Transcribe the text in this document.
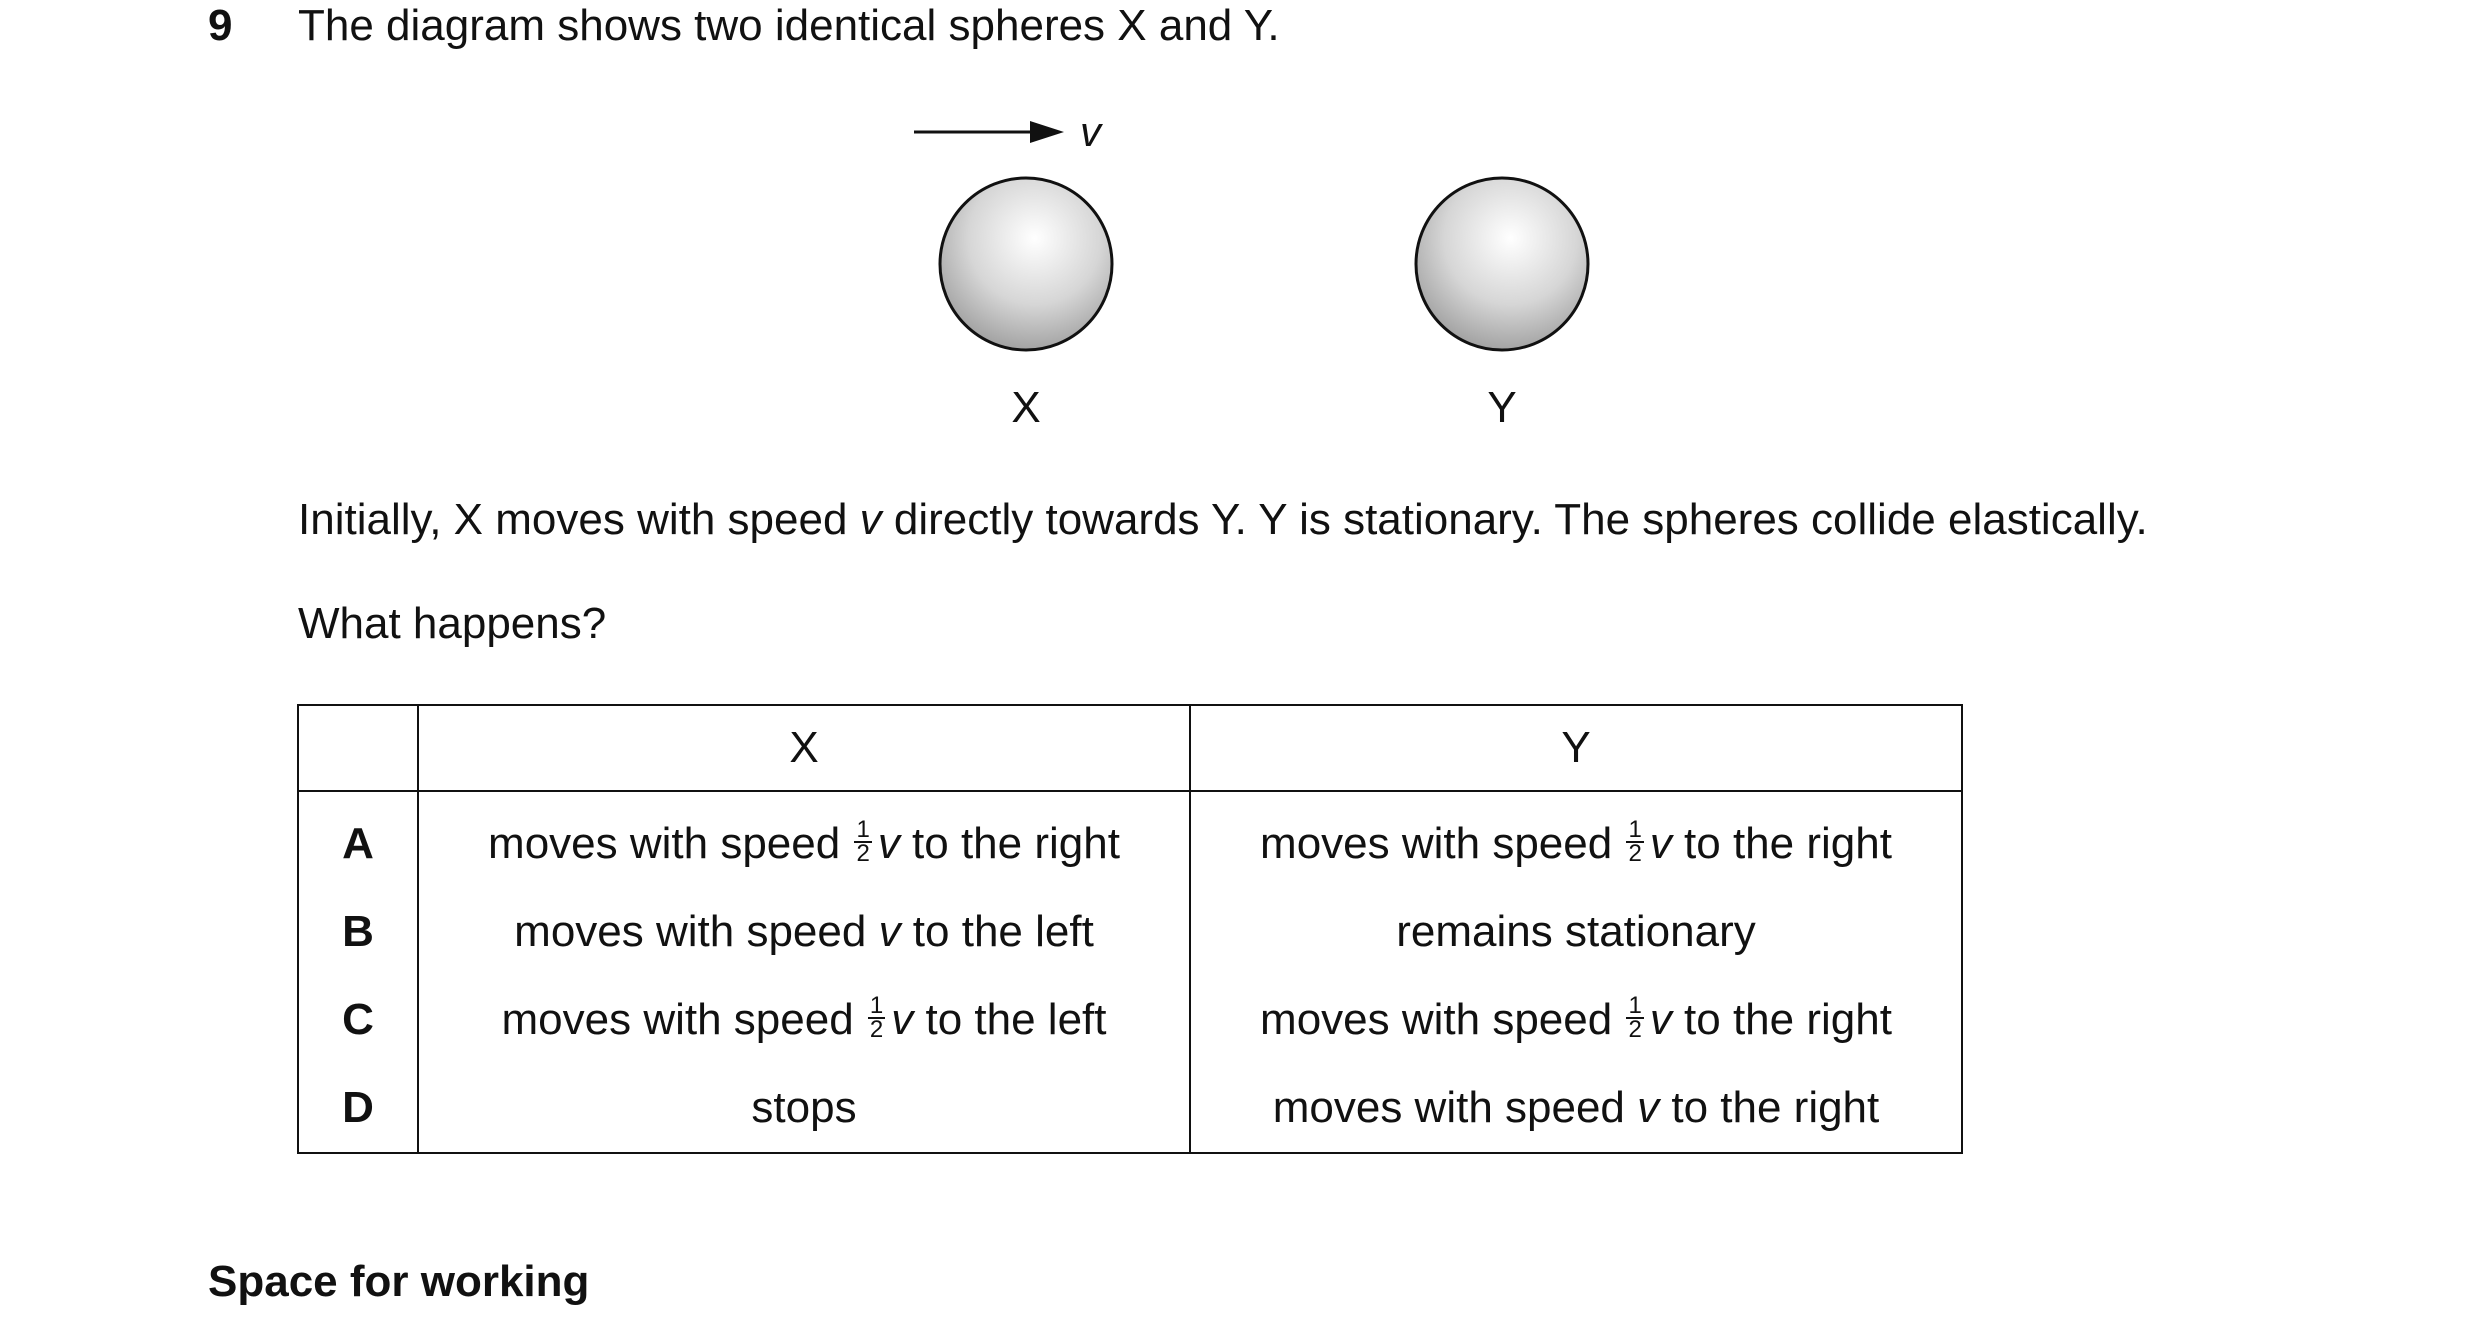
9 The diagram shows two identical spheres X and Y.
v
X	Y
Initially, X moves with speed v directly towards Y. Y is stationary. The spheres collide elastically.
What happens?
	X	Y
A	moves with speed $\frac{1}{2}$ v to the right	moves with speed $\frac{1}{2}$ v to the right
B	moves with speed v to the left	remains stationary
C	moves with speed $\frac{1}{2}$ v to the left	moves with speed $\frac{1}{2}$ v to the right
D	stops	moves with speed v to the right
Space for working
